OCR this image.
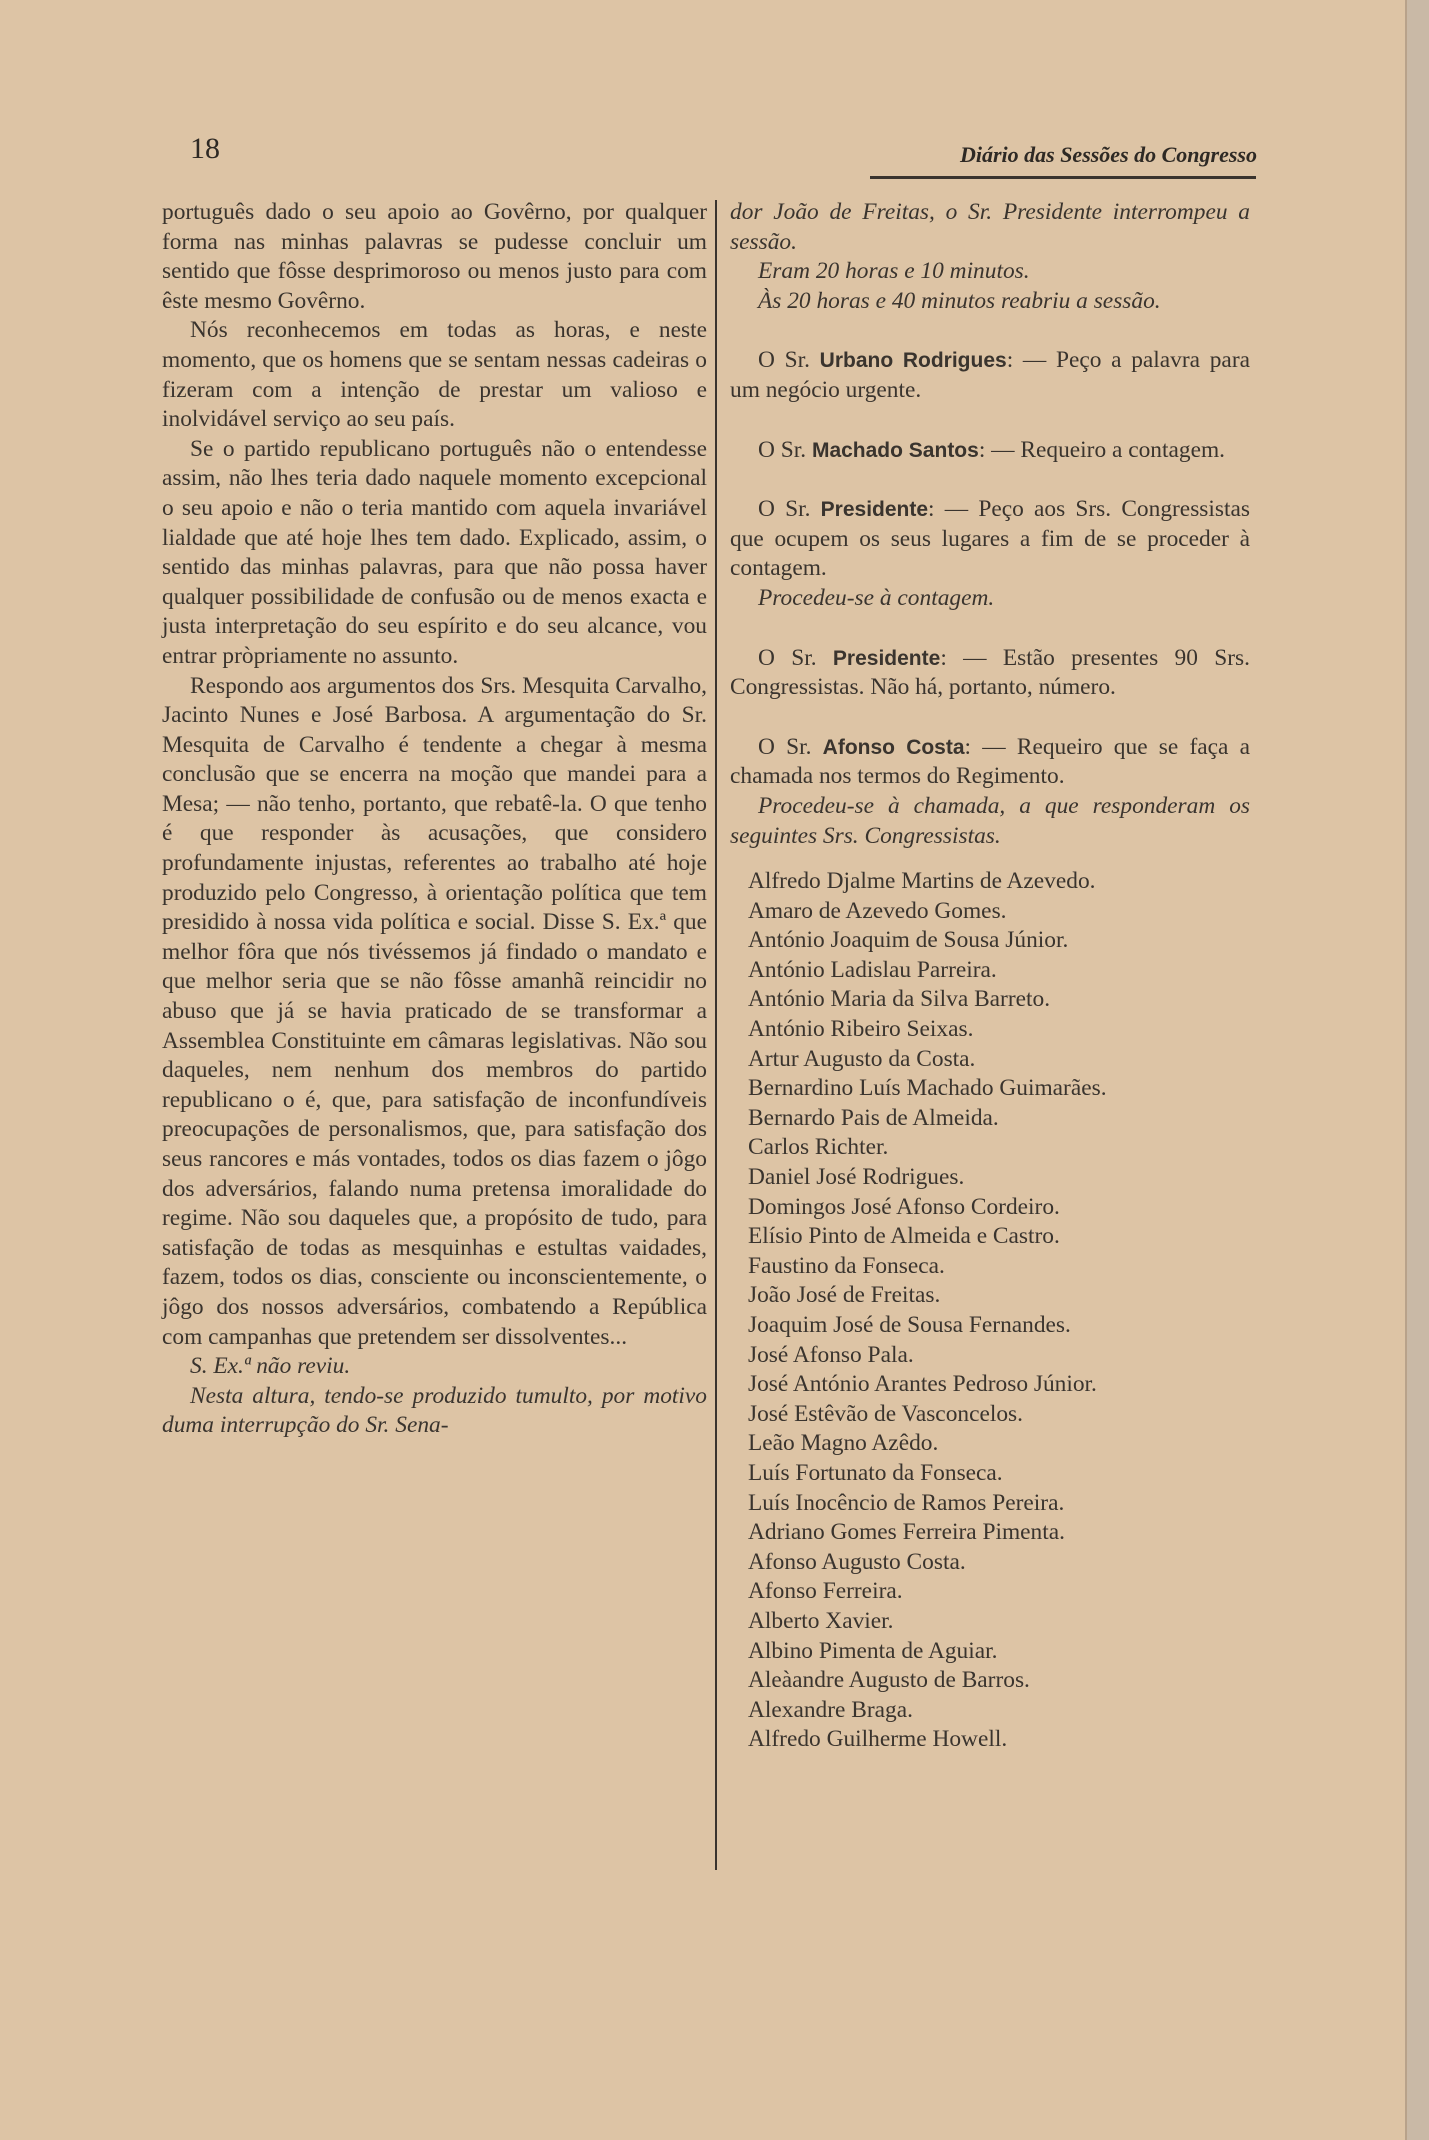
18	Diário das Sessões do Congresso

português dado o seu apoio ao Govêrno, por qualquer forma nas minhas palavras se pudesse concluir um sentido que fôsse desprimoroso ou menos justo para com êste mesmo Govêrno.

Nós reconhecemos em todas as horas, e neste momento, que os homens que se sentam nessas cadeiras o fizeram com a intenção de prestar um valioso e inolvidável serviço ao seu país.

Se o partido republicano português não o entendesse assim, não lhes teria dado naquele momento excepcional o seu apoio e não o teria mantido com aquela invariável lialdade que até hoje lhes tem dado. Explicado, assim, o sentido das minhas palavras, para que não possa haver qualquer possibilidade de confusão ou de menos exacta e justa interpretação do seu espírito e do seu alcance, vou entrar pròpriamente no assunto.

Respondo aos argumentos dos Srs. Mesquita Carvalho, Jacinto Nunes e José Barbosa. A argumentação do Sr. Mesquita de Carvalho é tendente a chegar à mesma conclusão que se encerra na moção que mandei para a Mesa; — não tenho, portanto, que rebatê-la. O que tenho é que responder às acusações, que considero profundamente injustas, referentes ao trabalho até hoje produzido pelo Congresso, à orientação política que tem presidido à nossa vida política e social. Disse S. Ex.ª que melhor fôra que nós tivéssemos já findado o mandato e que melhor seria que se não fôsse amanhã reincidir no abuso que já se havia praticado de se transformar a Assemblea Constituinte em câmaras legislativas. Não sou daqueles, nem nenhum dos membros do partido republicano o é, que, para satisfação de inconfundíveis preocupações de personalismos, que, para satisfação dos seus rancores e más vontades, todos os dias fazem o jôgo dos adversários, falando numa pretensa imoralidade do regime. Não sou daqueles que, a propósito de tudo, para satisfação de todas as mesquinhas e estultas vaidades, fazem, todos os dias, consciente ou inconscientemente, o jôgo dos nossos adversários, combatendo a República com campanhas que pretendem ser dissolventes...

S. Ex.ª não reviu.

Nesta altura, tendo-se produzido tumulto, por motivo duma interrupção do Sr. Sena-

dor João de Freitas, o Sr. Presidente interrompeu a sessão.

Eram 20 horas e 10 minutos.

Às 20 horas e 40 minutos reabriu a sessão.

O Sr. Urbano Rodrigues: — Peço a palavra para um negócio urgente.

O Sr. Machado Santos: — Requeiro a contagem.

O Sr. Presidente: — Peço aos Srs. Congressistas que ocupem os seus lugares a fim de se proceder à contagem.

Procedeu-se à contagem.

O Sr. Presidente: — Estão presentes 90 Srs. Congressistas. Não há, portanto, número.

O Sr. Afonso Costa: — Requeiro que se faça a chamada nos termos do Regimento.

Procedeu-se à chamada, a que responderam os seguintes Srs. Congressistas.

Alfredo Djalme Martins de Azevedo.
Amaro de Azevedo Gomes.
António Joaquim de Sousa Júnior.
António Ladislau Parreira.
António Maria da Silva Barreto.
António Ribeiro Seixas.
Artur Augusto da Costa.
Bernardino Luís Machado Guimarães.
Bernardo Pais de Almeida.
Carlos Richter.
Daniel José Rodrigues.
Domingos José Afonso Cordeiro.
Elísio Pinto de Almeida e Castro.
Faustino da Fonseca.
João José de Freitas.
Joaquim José de Sousa Fernandes.
José Afonso Pala.
José António Arantes Pedroso Júnior.
José Estêvão de Vasconcelos.
Leão Magno Azêdo.
Luís Fortunato da Fonseca.
Luís Inocêncio de Ramos Pereira.
Adriano Gomes Ferreira Pimenta.
Afonso Augusto Costa.
Afonso Ferreira.
Alberto Xavier.
Albino Pimenta de Aguiar.
Aleàandre Augusto de Barros.
Alexandre Braga.
Alfredo Guilherme Howell.
